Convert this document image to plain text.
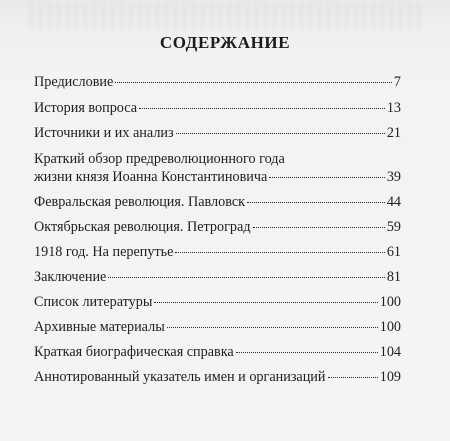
СОДЕРЖАНИЕ
Предисловие	7
История вопроса	13
Источники и их анализ	21
Краткий обзор предреволюционного года
жизни князя Иоанна Константиновича	39
Февральская революция. Павловск	44
Октябрьская революция. Петроград	59
1918 год. На перепутье	61
Заключение	81
Список литературы	100
Архивные материалы	100
Краткая биографическая справка	104
Аннотированный указатель имен и организаций	109
